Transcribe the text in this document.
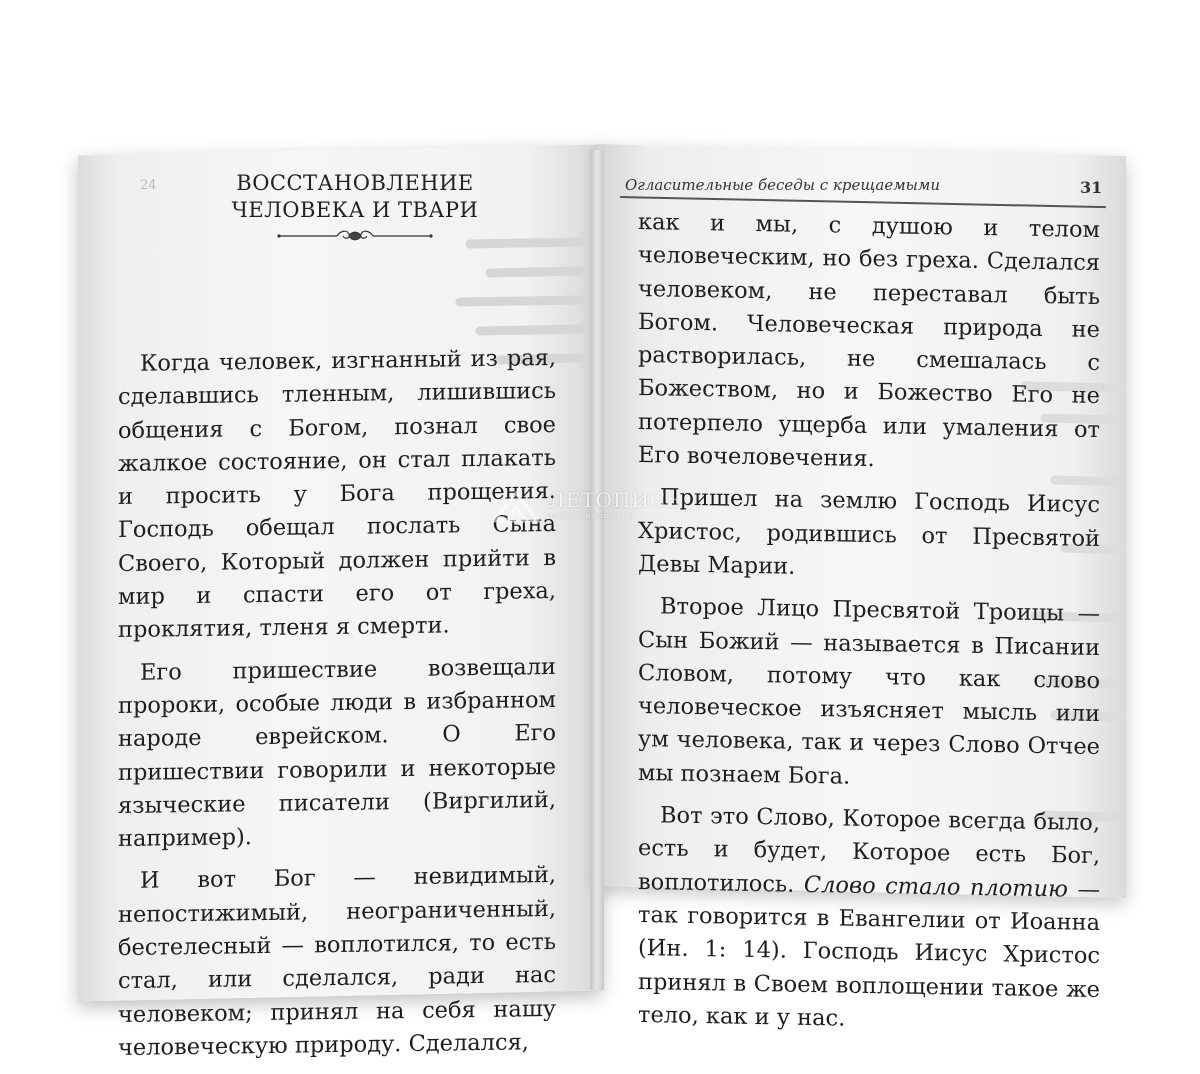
24	ВОССТАНОВЛЕНИЕ
ЧЕЛОВЕКА И ТВАРИ

Когда человек, изгнанный из рая, сделавшись тленным, лишившись общения с Богом, познал свое жалкое состояние, он стал плакать и просить у Бога прощения. Господь обещал послать Сына Своего, Который должен прийти в мир и спасти его от греха, проклятия, тленя я смерти.

Его пришествие возвещали пророки, особые люди в избранном народе еврейском. О Его пришествии говорили и некоторые языческие писатели (Виргилий, например).

И вот Бог — невидимый, непостижимый, неограниченный, бестелесный — воплотился, то есть стал, или сделался, ради нас человеком; принял на себя нашу человеческую природу. Сделался,

Огласительные беседы с крещаемыми	31

как и мы, с душою и телом человеческим, но без греха. Сделался человеком, не переставал быть Богом. Человеческая природа не растворилась, не смешалась с Божеством, но и Божество Его не потерпело ущерба или умаления от Его вочеловечения.

Пришел на землю Господь Иисус Христос, родившись от Пресвятой Девы Марии.

Второе Лицо Пресвятой Троицы — Сын Божий — называется в Писании Словом, потому что как слово человеческое изъясняет мысль или ум человека, так и через Слово Отчее мы познаем Бога.

Вот это Слово, Которое всегда было, есть и будет, Которое есть Бог, воплотилось. Слово стало плотию — так говорится в Евангелии от Иоанна (Ин. 1: 14). Господь Иисус Христос принял в Своем воплощении такое же тело, как и у нас.

ЛЕТОПИСЬ
интернет-магазин книг
